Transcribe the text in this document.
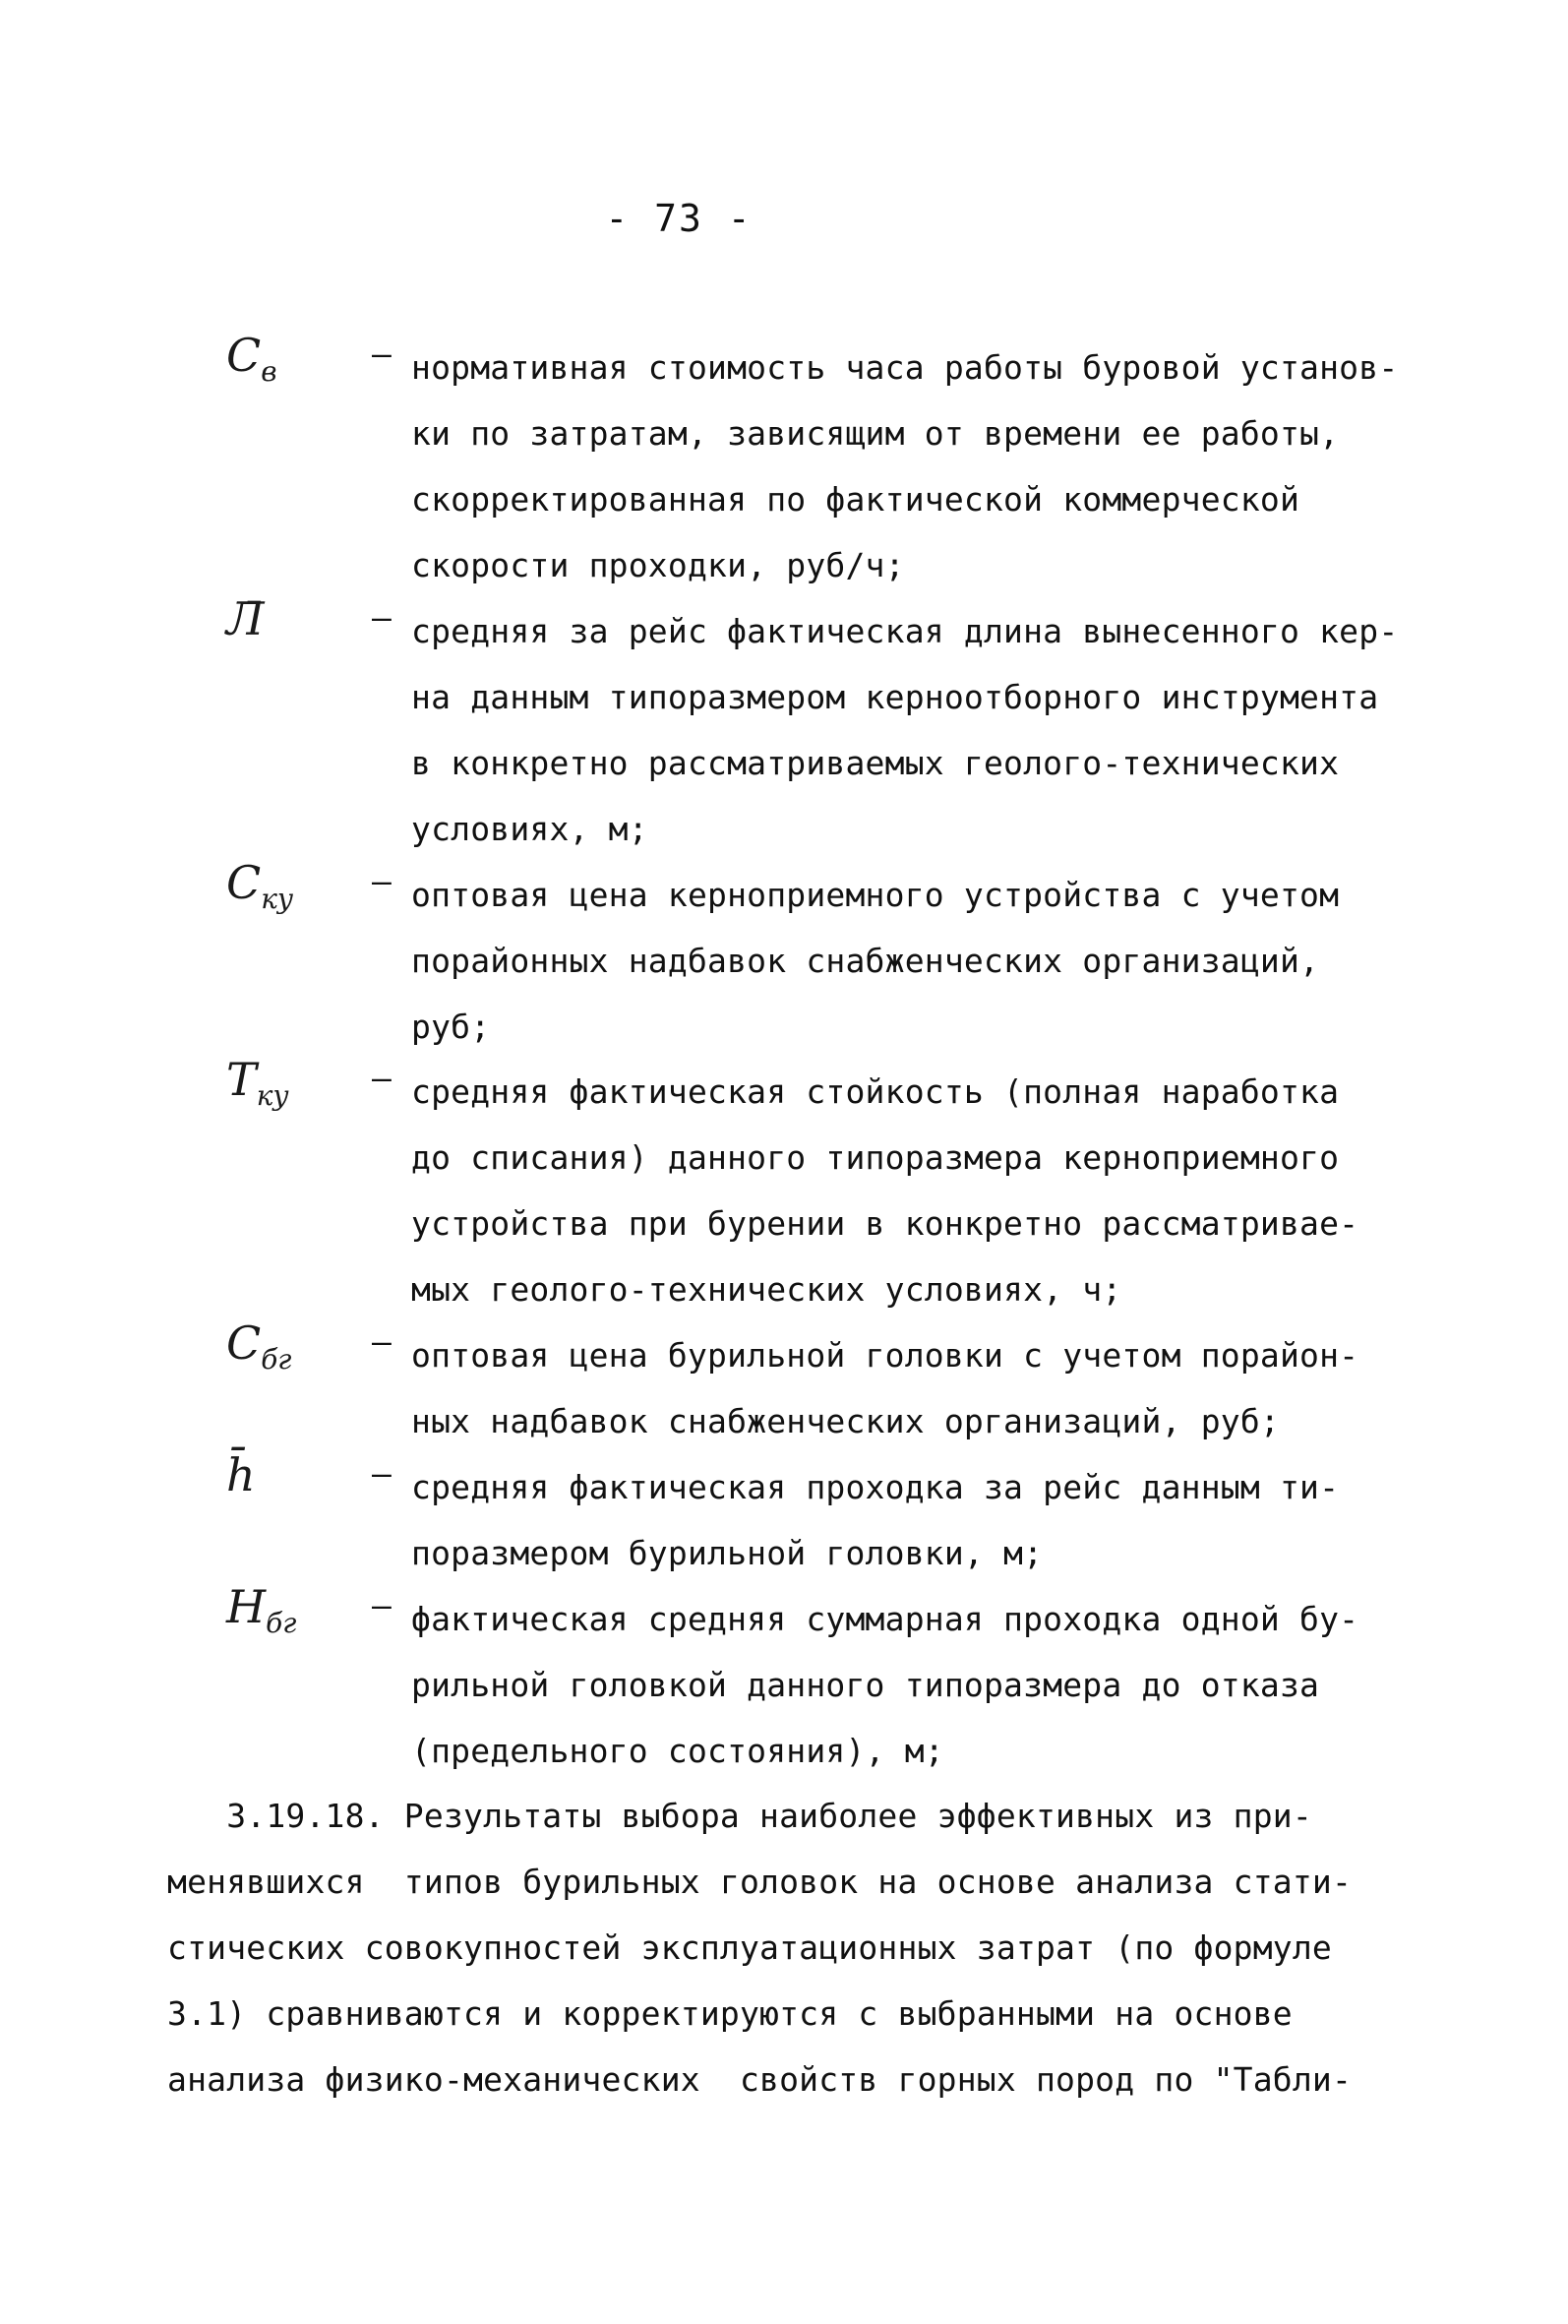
- 73 -
$C_в$	– нормативная стоимость часа работы буровой установ-
ки по затратам, зависящим от времени ее работы,
скорректированная по фактической коммерческой
скорости проходки, руб/ч;
Л̄	– средняя за рейс фактическая длина вынесенного кер-
на данным типоразмером керноотборного инструмента
в конкретно рассматриваемых геолого-технических
условиях, м;
$C_{ку}$	– оптовая цена керноприемного устройства с учетом
порайонных надбавок снабженческих организаций,
руб;
$T_{ку}$	– средняя фактическая стойкость (полная наработка
до списания) данного типоразмера керноприемного
устройства при бурении в конкретно рассматривае-
мых геолого-технических условиях, ч;
$C_{бг}$	– оптовая цена бурильной головки с учетом порайон-
ных надбавок снабженческих организаций, руб;
h̄	– средняя фактическая проходка за рейс данным ти-
поразмером бурильной головки, м;
$H_{бг}$	– фактическая средняя суммарная проходка одной бу-
рильной головкой данного типоразмера до отказа
(предельного состояния), м;
3.19.18. Результаты выбора наиболее эффективных из при-
менявшихся  типов бурильных головок на основе анализа стати-
стических совокупностей эксплуатационных затрат (по формуле
3.1) сравниваются и корректируются с выбранными на основе
анализа физико-механических  свойств горных пород по "Табли-
